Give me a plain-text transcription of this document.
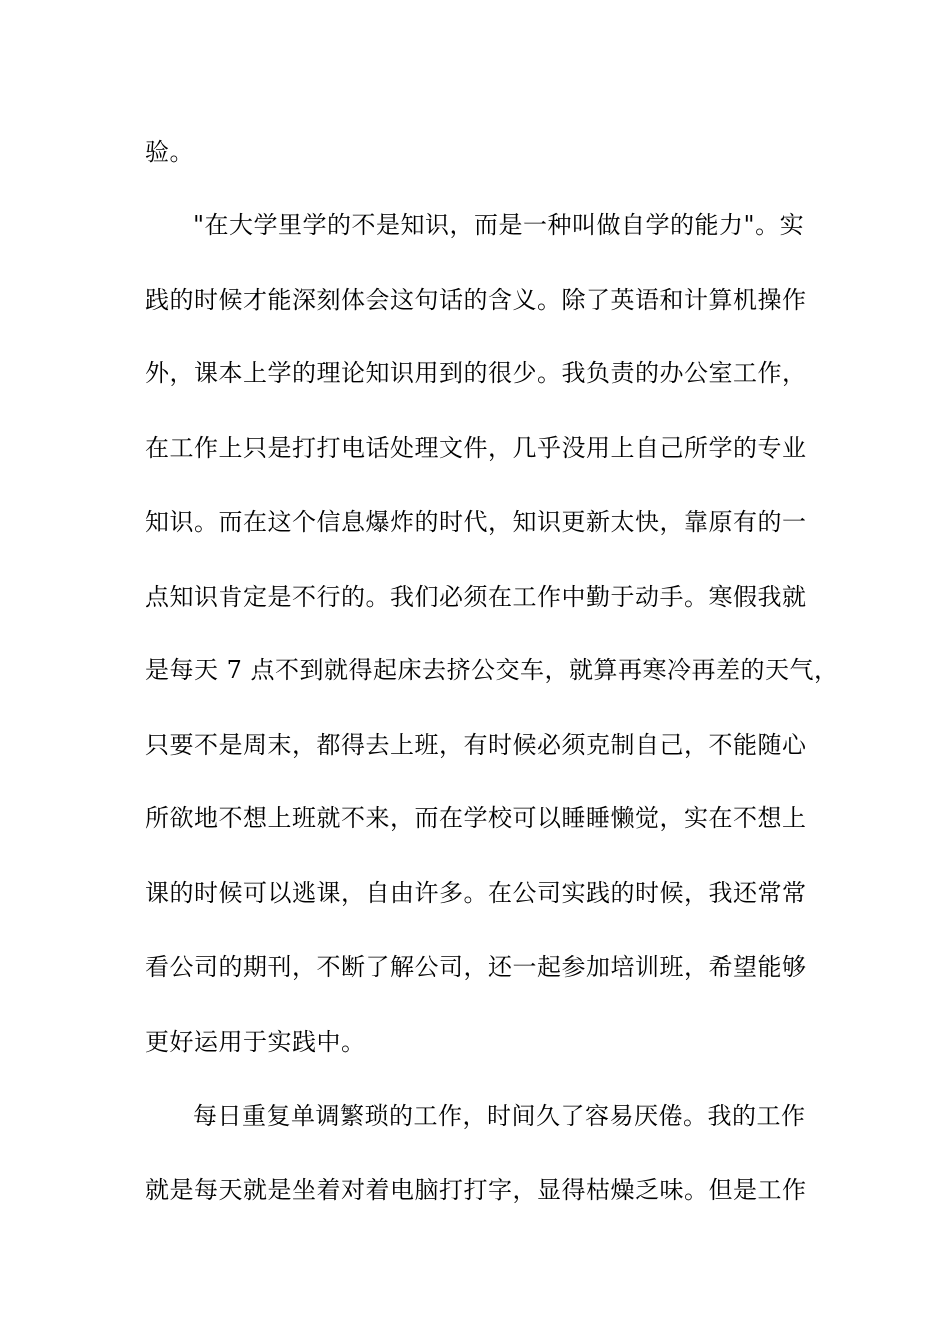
验。
"在大学里学的不是知识，而是一种叫做自学的能力"。实
践的时候才能深刻体会这句话的含义。除了英语和计算机操作
外，课本上学的理论知识用到的很少。我负责的办公室工作，
在工作上只是打打电话处理文件，几乎没用上自己所学的专业
知识。而在这个信息爆炸的时代，知识更新太快，靠原有的一
点知识肯定是不行的。我们必须在工作中勤于动手。寒假我就
是每天 7 点不到就得起床去挤公交车，就算再寒冷再差的天气，
只要不是周末，都得去上班，有时候必须克制自己，不能随心
所欲地不想上班就不来，而在学校可以睡睡懒觉，实在不想上
课的时候可以逃课，自由许多。在公司实践的时候，我还常常
看公司的期刊，不断了解公司，还一起参加培训班，希望能够
更好运用于实践中。
每日重复单调繁琐的工作，时间久了容易厌倦。我的工作
就是每天就是坐着对着电脑打打字，显得枯燥乏味。但是工作
